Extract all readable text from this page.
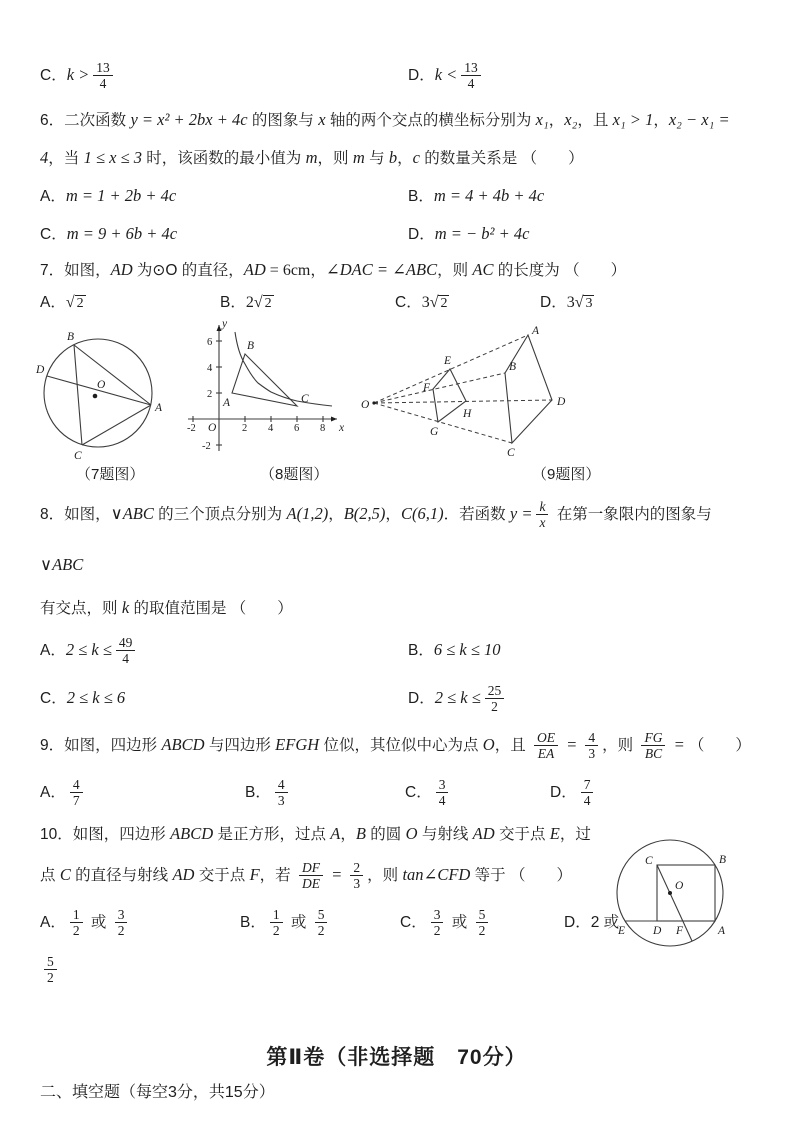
C．$k > \frac{13}{4}$	D．$k < \frac{13}{4}$
6．二次函数 y = x² + 2bx + 4c 的图象与 x 轴的两个交点的横坐标分别为 x₁，x₂，且 x₁ > 1，x₂ − x₁ =
4，当 1 ≤ x ≤ 3 时，该函数的最小值为 m，则 m 与 b，c 的数量关系是 （　　）
A．m = 1 + 2b + 4c	B．m = 4 + 4b + 4c
C．m = 9 + 6b + 4c	D．m = − b² + 4c
7．如图，AD 为⊙O 的直径，AD = 6cm，∠DAC = ∠ABC，则 AC 的长度为 （　　）
A．√ 2	B．2√ 2	C．3√ 2	D．3√ 3
B
D
O
A
C
-2	2 4 6 8
6
4
2
-2
O
y
x
A
B
C	O
E
F
G
H
A
B
C
D
（7题图）	（8题图）	（9题图）
8．如图，∨ABC 的三个顶点分别为 A(1,2)，B(2,5)，C(6,1)．若函数 $y = \frac{k}{x}$ 在第一象限内的图象与∨ABC
有交点，则 k 的取值范围是 （　　）
A．$2 \le k \le \frac{49}{4}$	B．6 ≤ k ≤ 10
C．2 ≤ k ≤ 6	D．$2 \le k \le \frac{25}{2}$
9．如图，四边形 ABCD 与四边形 EFGH 位似，其位似中心为点 O，且 $\frac{OE}{EA} = \frac{4}{3}$ ，则 $\frac{FG}{BC}$ = （　　）
A． $\frac{4}{7}$	B． $\frac{4}{3}$	C． $\frac{3}{4}$	D． $\frac{7}{4}$
C	B
O
E D F	A
10．如图，四边形 ABCD 是正方形，过点 A，B 的圆 O 与射线 AD 交于点 E，过
点 C 的直径与射线 AD 交于点 F，若 $\frac{DF}{DE} = \frac{2}{3}$ ，则 tan∠CFD 等于 （　　）
A． $\frac{1}{2}$ 或 $\frac{3}{2}$	B． $\frac{1}{2}$ 或 $\frac{5}{2}$	C． $\frac{3}{2}$ 或 $\frac{5}{2}$	D．2 或
$\frac{5}{2}$
第Ⅱ卷（非选择题　70分）
二、填空题（每空3分，共15分）
